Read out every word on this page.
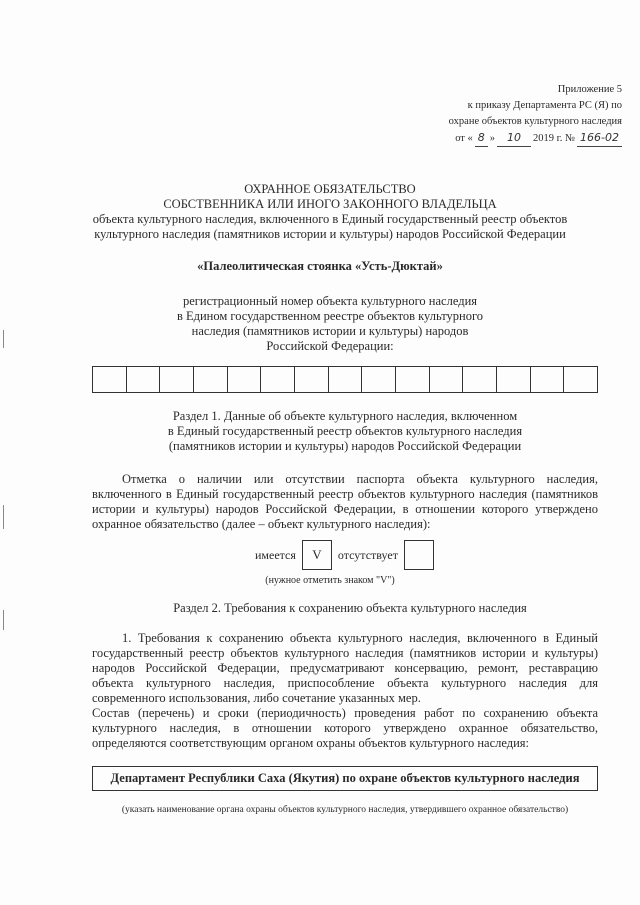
Приложение 5
к приказу Департамента РС (Я) по
охране объектов культурного наследия
от « 8 »	10	2019 г. № 166-02
ОХРАННОЕ ОБЯЗАТЕЛЬСТВО
СОБСТВЕННИКА ИЛИ ИНОГО ЗАКОННОГО ВЛАДЕЛЬЦА
объекта культурного наследия, включенного в Единый государственный реестр объектов
культурного наследия (памятников истории и культуры) народов Российской Федерации
«Палеолитическая стоянка «Усть-Дюктай»
регистрационный номер объекта культурного наследия
в Едином государственном реестре объектов культурного
наследия (памятников истории и культуры) народов
Российской Федерации:
Раздел 1. Данные об объекте культурного наследия, включенном
в Единый государственный реестр объектов культурного наследия
(памятников истории и культуры) народов Российской Федерации
Отметка о наличии или отсутствии паспорта объекта культурного наследия, включенного в Единый государственный реестр объектов культурного наследия (памятников истории и культуры) народов Российской Федерации, в отношении которого утверждено охранное обязательство (далее – объект культурного наследия):
имеется	V	отсутствует
(нужное отметить знаком "V")
Раздел 2. Требования к сохранению объекта культурного наследия
1. Требования к сохранению объекта культурного наследия, включенного в Единый государственный реестр объектов культурного наследия (памятников истории и культуры) народов Российской Федерации, предусматривают консервацию, ремонт, реставрацию объекта культурного наследия, приспособление объекта культурного наследия для современного использования, либо сочетание указанных мер.
Состав (перечень) и сроки (периодичность) проведения работ по сохранению объекта культурного наследия, в отношении которого утверждено охранное обязательство, определяются соответствующим органом охраны объектов культурного наследия:
Департамент Республики Саха (Якутия) по охране объектов культурного наследия
(указать наименование органа охраны объектов культурного наследия, утвердившего охранное обязательство)
